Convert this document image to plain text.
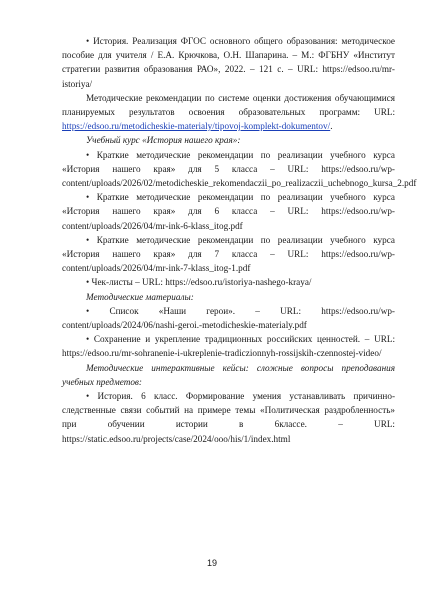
• История. Реализация ФГОС основного общего образования: методическое пособие для учителя / Е.А. Крючкова, О.Н. Шапарина. – М.: ФГБНУ «Институт стратегии развития образования РАО», 2022. – 121 с. – URL: https://edsoo.ru/mr-istoriya/

Методические рекомендации по системе оценки достижения обучающимися планируемых результатов освоения образовательных программ: URL: https://edsoo.ru/metodicheskie-materialy/tipovoj-komplekt-dokumentov/.

Учебный курс «История нашего края»:

• Краткие методические рекомендации по реализации учебного курса «История нашего края» для 5 класса – URL: https://edsoo.ru/wp-content/uploads/2026/02/metodicheskie_rekomendaczii_po_realizaczii_uchebnogo_kursa_2.pdf

• Краткие методические рекомендации по реализации учебного курса «История нашего края» для 6 класса – URL: https://edsoo.ru/wp-content/uploads/2026/04/mr-ink-6-klass_itog.pdf

• Краткие методические рекомендации по реализации учебного курса «История нашего края» для 7 класса – URL: https://edsoo.ru/wp-content/uploads/2026/04/mr-ink-7-klass_itog-1.pdf

• Чек-листы – URL: https://edsoo.ru/istoriya-nashego-kraya/

Методические материалы:

• Список «Наши герои». – URL: https://edsoo.ru/wp-content/uploads/2024/06/nashi-geroi.-metodicheskie-materialy.pdf

• Сохранение и укрепление традиционных российских ценностей. – URL: https://edsoo.ru/mr-sohranenie-i-ukreplenie-tradiczionnyh-rossijskih-czennostej-video/

Методические интерактивные кейсы: сложные вопросы преподавания учебных предметов:

• История. 6 класс. Формирование умения устанавливать причинно-следственные связи событий на примере темы «Политическая раздробленность» при обучении истории в 6классе. – URL: https://static.edsoo.ru/projects/case/2024/ooo/his/1/index.html

19
